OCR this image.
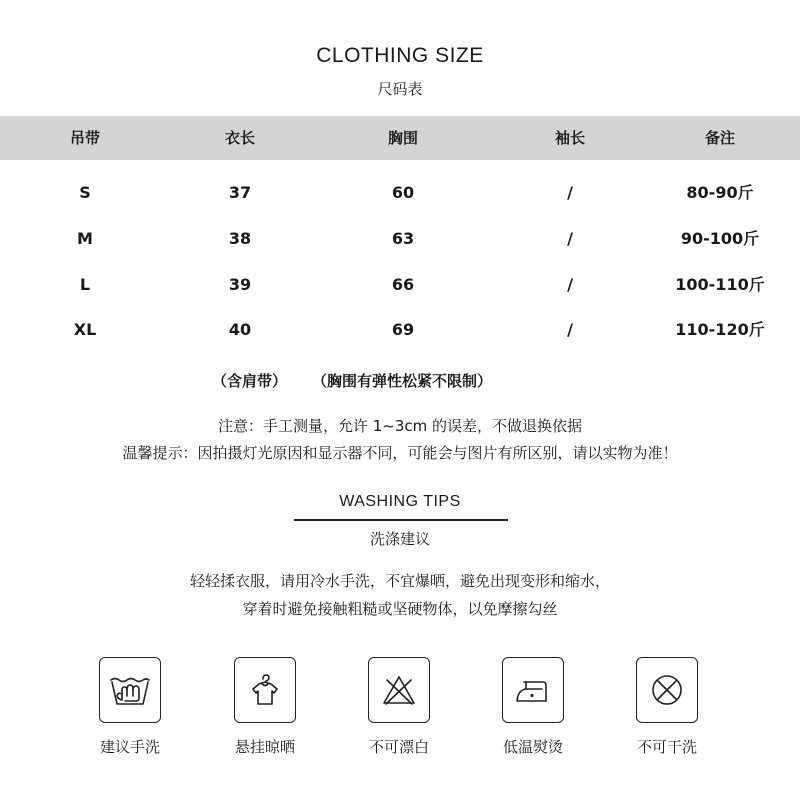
CLOTHING SIZE
尺码表
吊带	衣长	胸围	袖长	备注
S	37	60	/	80-90斤
M	38	63	/	90-100斤
L	39	66	/	100-110斤
XL	40	69	/	110-120斤
（含肩带） （胸围有弹性松紧不限制）
注意：手工测量，允许 1~3cm 的误差，不做退换依据
温馨提示：因拍摄灯光原因和显示器不同，可能会与图片有所区别，请以实物为准！
WASHING TIPS
洗涤建议
轻轻揉衣服，请用冷水手洗，不宜爆晒，避免出现变形和缩水，
穿着时避免接触粗糙或坚硬物体，以免摩擦勾丝
建议手洗	悬挂晾晒	不可漂白	低温熨烫	不可干洗
